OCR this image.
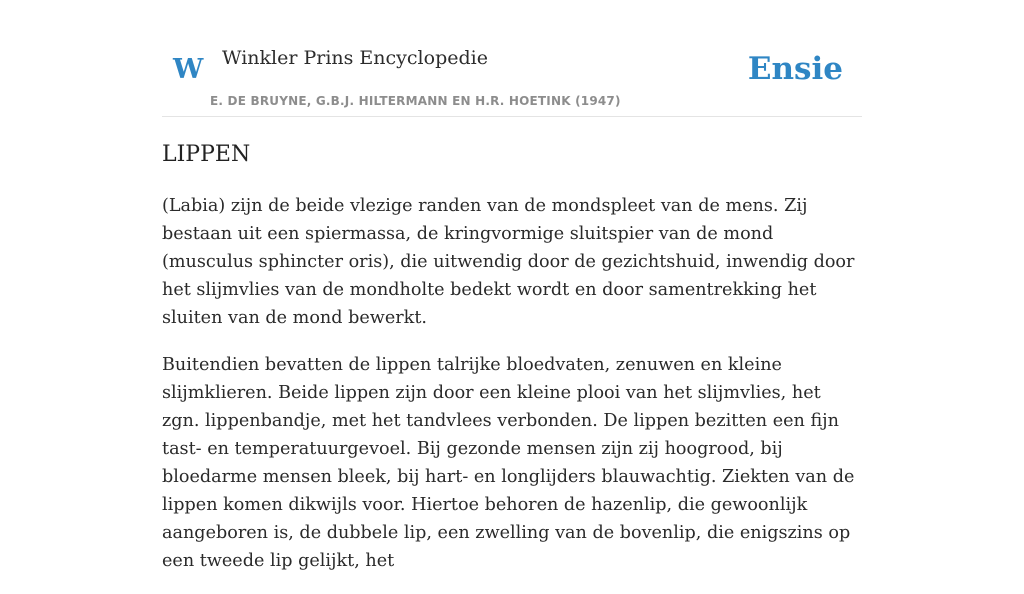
W Winkler Prins Encyclopedie
E. DE BRUYNE, G.B.J. HILTERMANN EN H.R. HOETINK (1947)
Ensie
LIPPEN

(Labia) zijn de beide vlezige randen van de mondspleet van de mens. Zij bestaan uit een spiermassa, de kringvormige sluitspier van de mond (musculus sphincter oris), die uitwendig door de gezichtshuid, inwendig door het slijmvlies van de mondholte bedekt wordt en door samentrekking het sluiten van de mond bewerkt.

Buitendien bevatten de lippen talrijke bloedvaten, zenuwen en kleine slijmklieren. Beide lippen zijn door een kleine plooi van het slijmvlies, het zgn. lippenbandje, met het tandvlees verbonden. De lippen bezitten een fijn tast- en temperatuurgevoel. Bij gezonde mensen zijn zij hoogrood, bij bloedarme mensen bleek, bij hart- en longlijders blauwachtig. Ziekten van de lippen komen dikwijls voor. Hiertoe behoren de hazenlip, die gewoonlijk aangeboren is, de dubbele lip, een zwelling van de bovenlip, die enigszins op een tweede lip gelijkt, het
